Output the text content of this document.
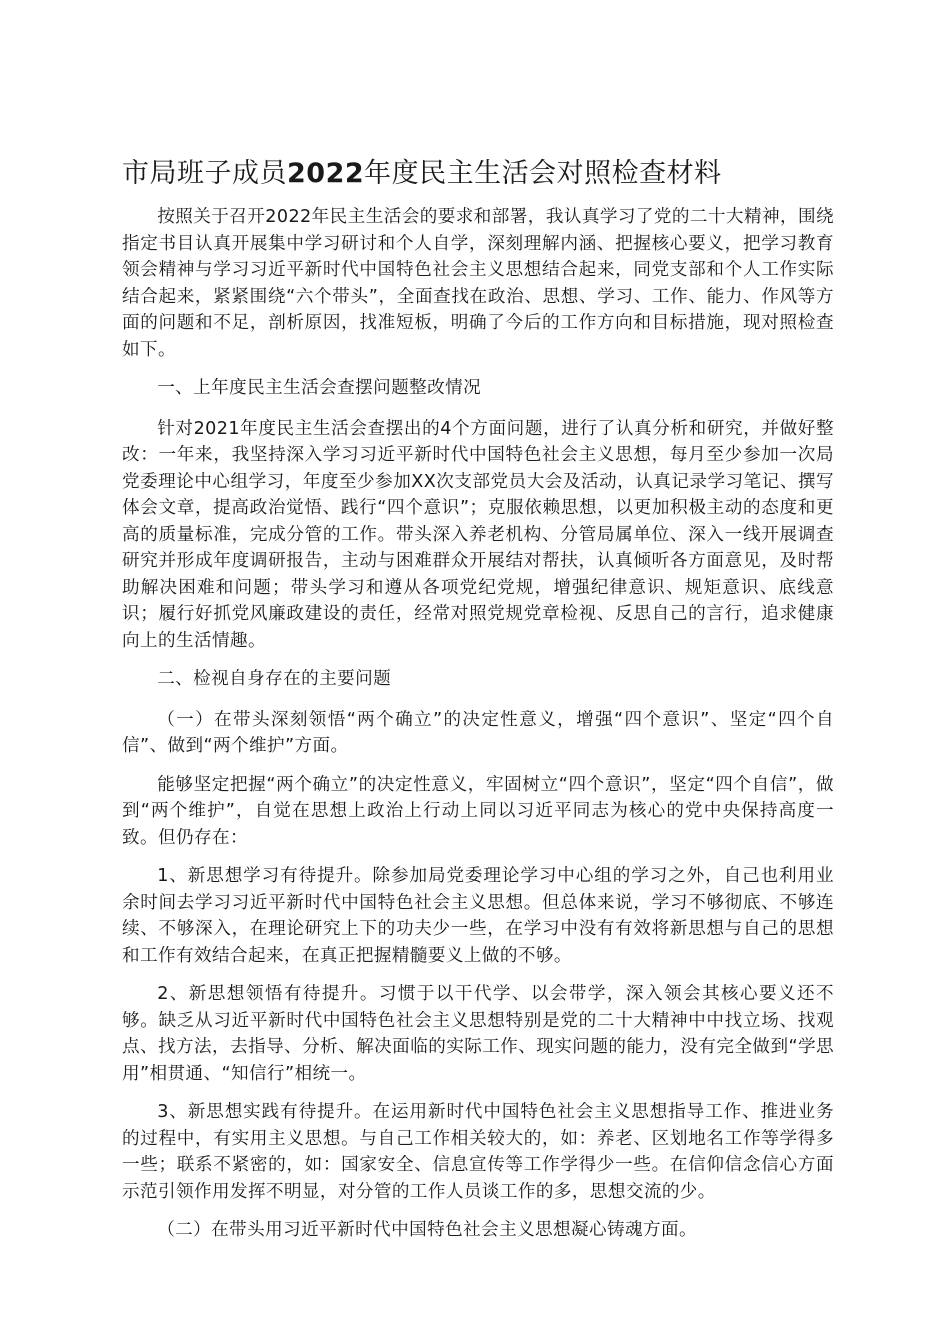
市局班子成员2022年度民主生活会对照检查材料

按照关于召开2022年民主生活会的要求和部署，我认真学习了党的二十大精神，围绕指定书目认真开展集中学习研讨和个人自学，深刻理解内涵、把握核心要义，把学习教育领会精神与学习习近平新时代中国特色社会主义思想结合起来，同党支部和个人工作实际结合起来，紧紧围绕“六个带头”，全面查找在政治、思想、学习、工作、能力、作风等方面的问题和不足，剖析原因，找准短板，明确了今后的工作方向和目标措施，现对照检查如下。

一、上年度民主生活会查摆问题整改情况

针对2021年度民主生活会查摆出的4个方面问题，进行了认真分析和研究，并做好整改：一年来，我坚持深入学习习近平新时代中国特色社会主义思想，每月至少参加一次局党委理论中心组学习，年度至少参加XX次支部党员大会及活动，认真记录学习笔记、撰写体会文章，提高政治觉悟、践行“四个意识”；克服依赖思想，以更加积极主动的态度和更高的质量标准，完成分管的工作。带头深入养老机构、分管局属单位、深入一线开展调查研究并形成年度调研报告，主动与困难群众开展结对帮扶，认真倾听各方面意见，及时帮助解决困难和问题；带头学习和遵从各项党纪党规，增强纪律意识、规矩意识、底线意识；履行好抓党风廉政建设的责任，经常对照党规党章检视、反思自己的言行，追求健康向上的生活情趣。

二、检视自身存在的主要问题

（一）在带头深刻领悟“两个确立”的决定性意义，增强“四个意识”、坚定“四个自信”、做到“两个维护”方面。

能够坚定把握“两个确立”的决定性意义，牢固树立“四个意识”，坚定“四个自信”，做到“两个维护”，自觉在思想上政治上行动上同以习近平同志为核心的党中央保持高度一致。但仍存在：

1、新思想学习有待提升。除参加局党委理论学习中心组的学习之外，自己也利用业余时间去学习习近平新时代中国特色社会主义思想。但总体来说，学习不够彻底、不够连续、不够深入，在理论研究上下的功夫少一些，在学习中没有有效将新思想与自己的思想和工作有效结合起来，在真正把握精髓要义上做的不够。

2、新思想领悟有待提升。习惯于以干代学、以会带学，深入领会其核心要义还不够。缺乏从习近平新时代中国特色社会主义思想特别是党的二十大精神中中找立场、找观点、找方法，去指导、分析、解决面临的实际工作、现实问题的能力，没有完全做到“学思用”相贯通、“知信行”相统一。

3、新思想实践有待提升。在运用新时代中国特色社会主义思想指导工作、推进业务的过程中，有实用主义思想。与自己工作相关较大的，如：养老、区划地名工作等学得多一些；联系不紧密的，如：国家安全、信息宣传等工作学得少一些。在信仰信念信心方面示范引领作用发挥不明显，对分管的工作人员谈工作的多，思想交流的少。

（二）在带头用习近平新时代中国特色社会主义思想凝心铸魂方面。
